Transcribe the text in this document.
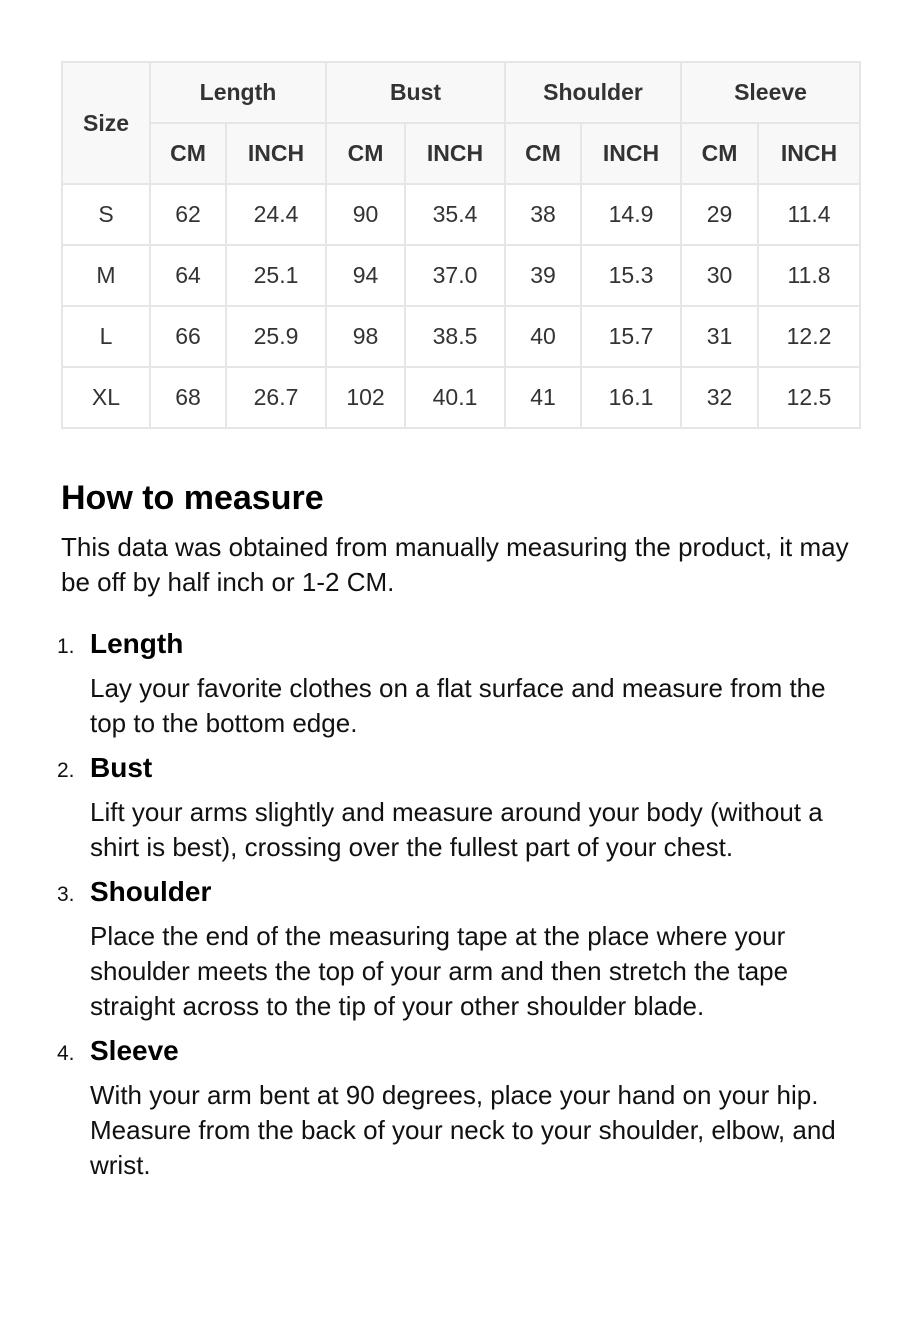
Size	Length		Bust		Shoulder		Sleeve	
	CM	INCH	CM	INCH	CM	INCH	CM	INCH
S	62	24.4	90	35.4	38	14.9	29	11.4
M	64	25.1	94	37.0	39	15.3	30	11.8
L	66	25.9	98	38.5	40	15.7	31	12.2
XL	68	26.7	102	40.1	41	16.1	32	12.5
How to measure

This data was obtained from manually measuring the product, it may be off by half inch or 1-2 CM.

1. Length
Lay your favorite clothes on a flat surface and measure from the top to the bottom edge.
2. Bust
Lift your arms slightly and measure around your body (without a shirt is best), crossing over the fullest part of your chest.
3. Shoulder
Place the end of the measuring tape at the place where your shoulder meets the top of your arm and then stretch the tape straight across to the tip of your other shoulder blade.
4. Sleeve
With your arm bent at 90 degrees, place your hand on your hip. Measure from the back of your neck to your shoulder, elbow, and wrist.
